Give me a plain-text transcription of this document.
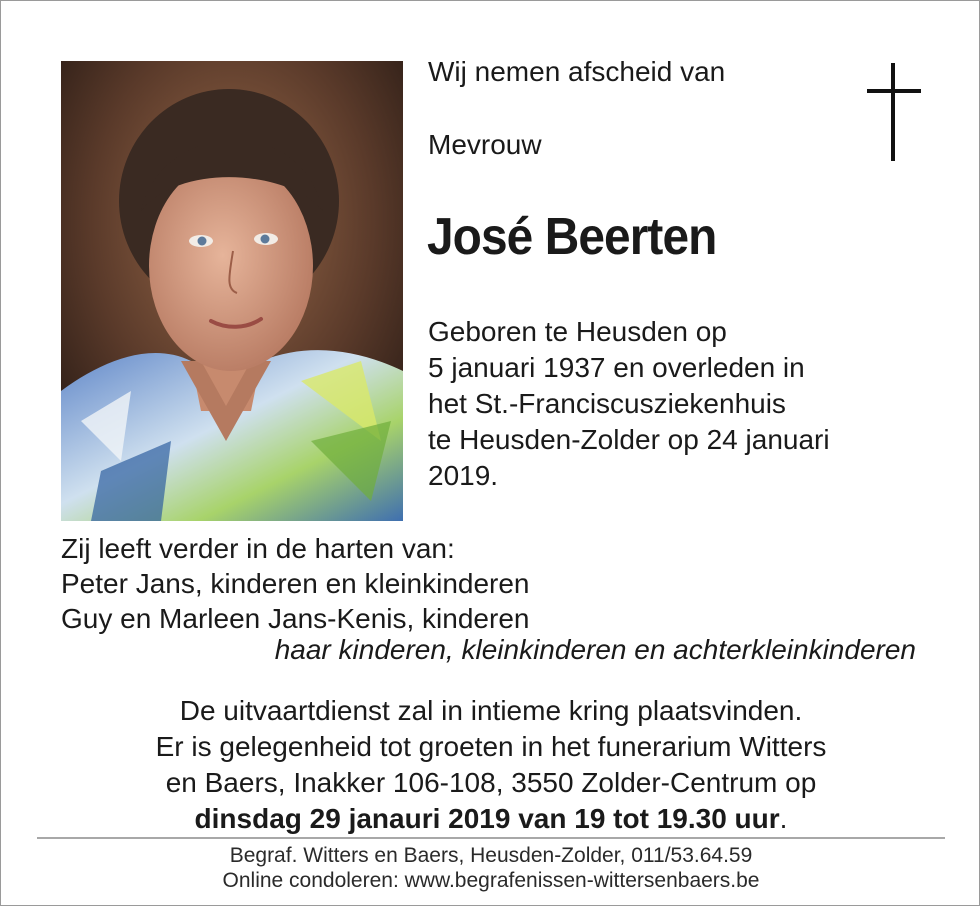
Wij nemen afscheid van
Mevrouw
José Beerten
Geboren te Heusden op
5 januari 1937 en overleden in
het St.-Franciscusziekenhuis
te Heusden-Zolder op 24 januari
2019.
Zij leeft verder in de harten van:
Peter Jans, kinderen en kleinkinderen
Guy en Marleen Jans-Kenis, kinderen
haar kinderen, kleinkinderen en achterkleinkinderen
De uitvaartdienst zal in intieme kring plaatsvinden.
Er is gelegenheid tot groeten in het funerarium Witters
en Baers, Inakker 106-108, 3550 Zolder-Centrum op
dinsdag 29 janauri 2019 van 19 tot 19.30 uur.
Begraf. Witters en Baers, Heusden-Zolder, 011/53.64.59
Online condoleren: www.begrafenissen-wittersenbaers.be
